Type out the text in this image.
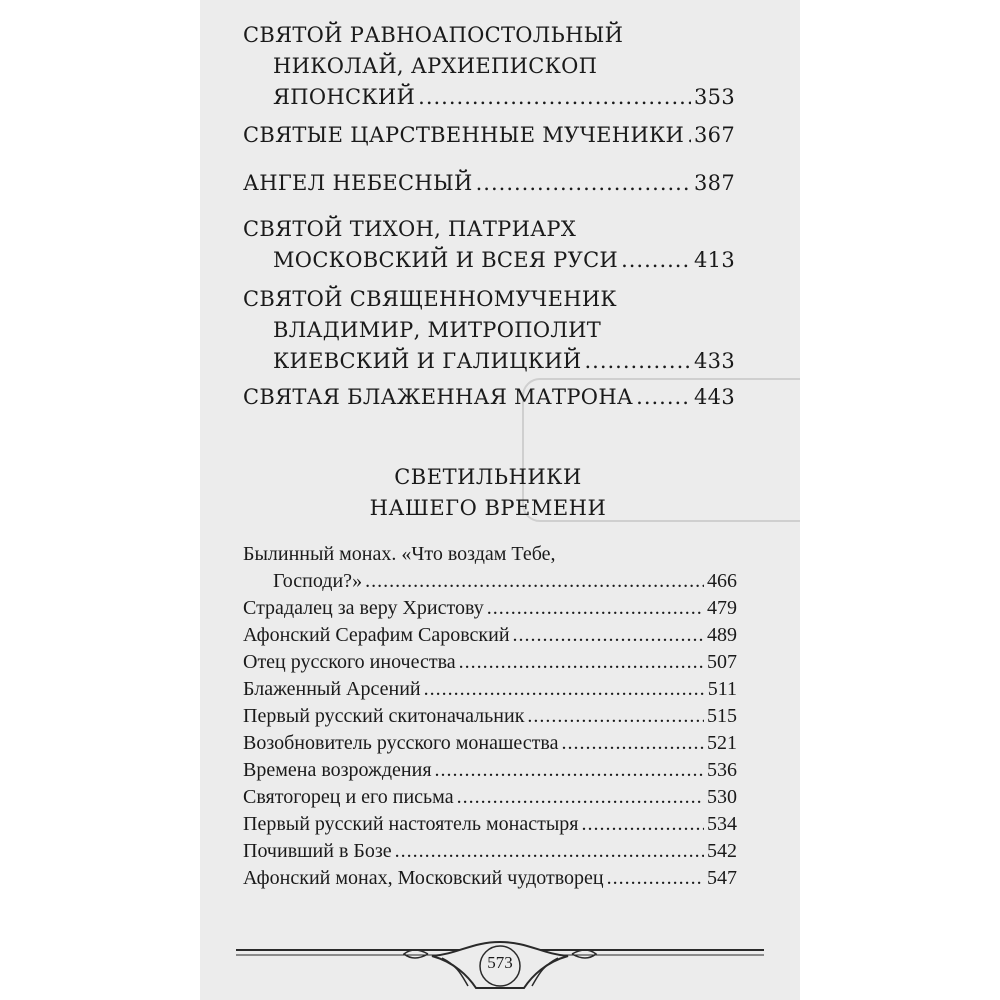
СВЯТОЙ РАВНОАПОСТОЛЬНЫЙ
НИКОЛАЙ, АРХИЕПИСКОП
ЯПОНСКИЙ .....	353
СВЯТЫЕ ЦАРСТВЕННЫЕ МУЧЕНИКИ ..... 367
АНГЕЛ НЕБЕСНЫЙ .....	387
СВЯТОЙ ТИХОН, ПАТРИАРХ
МОСКОВСКИЙ И ВСЕЯ РУСИ .....	413
СВЯТОЙ СВЯЩЕННОМУЧЕНИК
ВЛАДИМИР, МИТРОПОЛИТ
КИЕВСКИЙ И ГАЛИЦКИЙ .....	433
СВЯТАЯ БЛАЖЕННАЯ МАТРОНА .....	443
Былинный монах. «Что воздам Тебе,
Господи?» .....	466
Страдалец за веру Христову .....	479
Афонский Серафим Саровский .....	489
Отец русского иночества .....	507
Блаженный Арсений .....	511
Первый русский скитоначальник .....	515
Возобновитель русского монашества .....	521
Времена возрождения .....	536
Святогорец и его письма .....	530
Первый русский настоятель монастыря .....	534
Почивший в Бозе .....	542
Афонский монах, Московский чудотворец .....	547
СВЕТИЛЬНИКИ
НАШЕГО ВРЕМЕНИ
573
